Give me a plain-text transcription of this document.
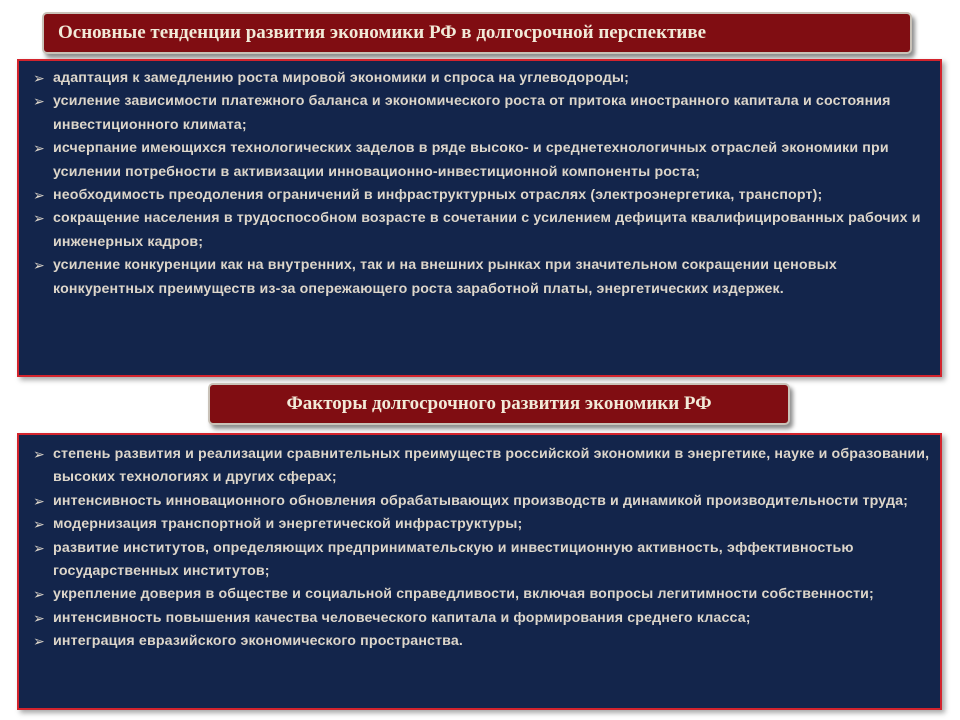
Основные тенденции развития экономики РФ в долгосрочной перспективе
➢ адаптация к замедлению роста мировой экономики и спроса на углеводороды;
➢ усиление зависимости платежного баланса и экономического роста от притока иностранного капитала и состояния инвестиционного климата;
➢ исчерпание имеющихся технологических заделов в ряде высоко- и среднетехнологичных отраслей экономики при усилении потребности в активизации инновационно-инвестиционной компоненты роста;
➢ необходимость преодоления ограничений в инфраструктурных отраслях (электроэнергетика, транспорт);
➢ сокращение населения в трудоспособном возрасте в сочетании с усилением дефицита квалифицированных рабочих и инженерных кадров;
➢ усиление конкуренции как на внутренних, так и на внешних рынках при значительном сокращении ценовых конкурентных преимуществ из-за опережающего роста заработной платы, энергетических издержек.
Факторы долгосрочного развития экономики РФ
➢ степень развития и реализации сравнительных преимуществ российской экономики в энергетике, науке и образовании, высоких технологиях и других сферах;
➢ интенсивность инновационного обновления обрабатывающих производств и динамикой производительности труда;
➢ модернизация транспортной и энергетической инфраструктуры;
➢ развитие институтов, определяющих предпринимательскую и инвестиционную активность, эффективностью государственных институтов;
➢ укрепление доверия в обществе и социальной справедливости, включая вопросы легитимности собственности;
➢ интенсивность повышения качества человеческого капитала и формирования среднего класса;
➢ интеграция евразийского экономического пространства.
